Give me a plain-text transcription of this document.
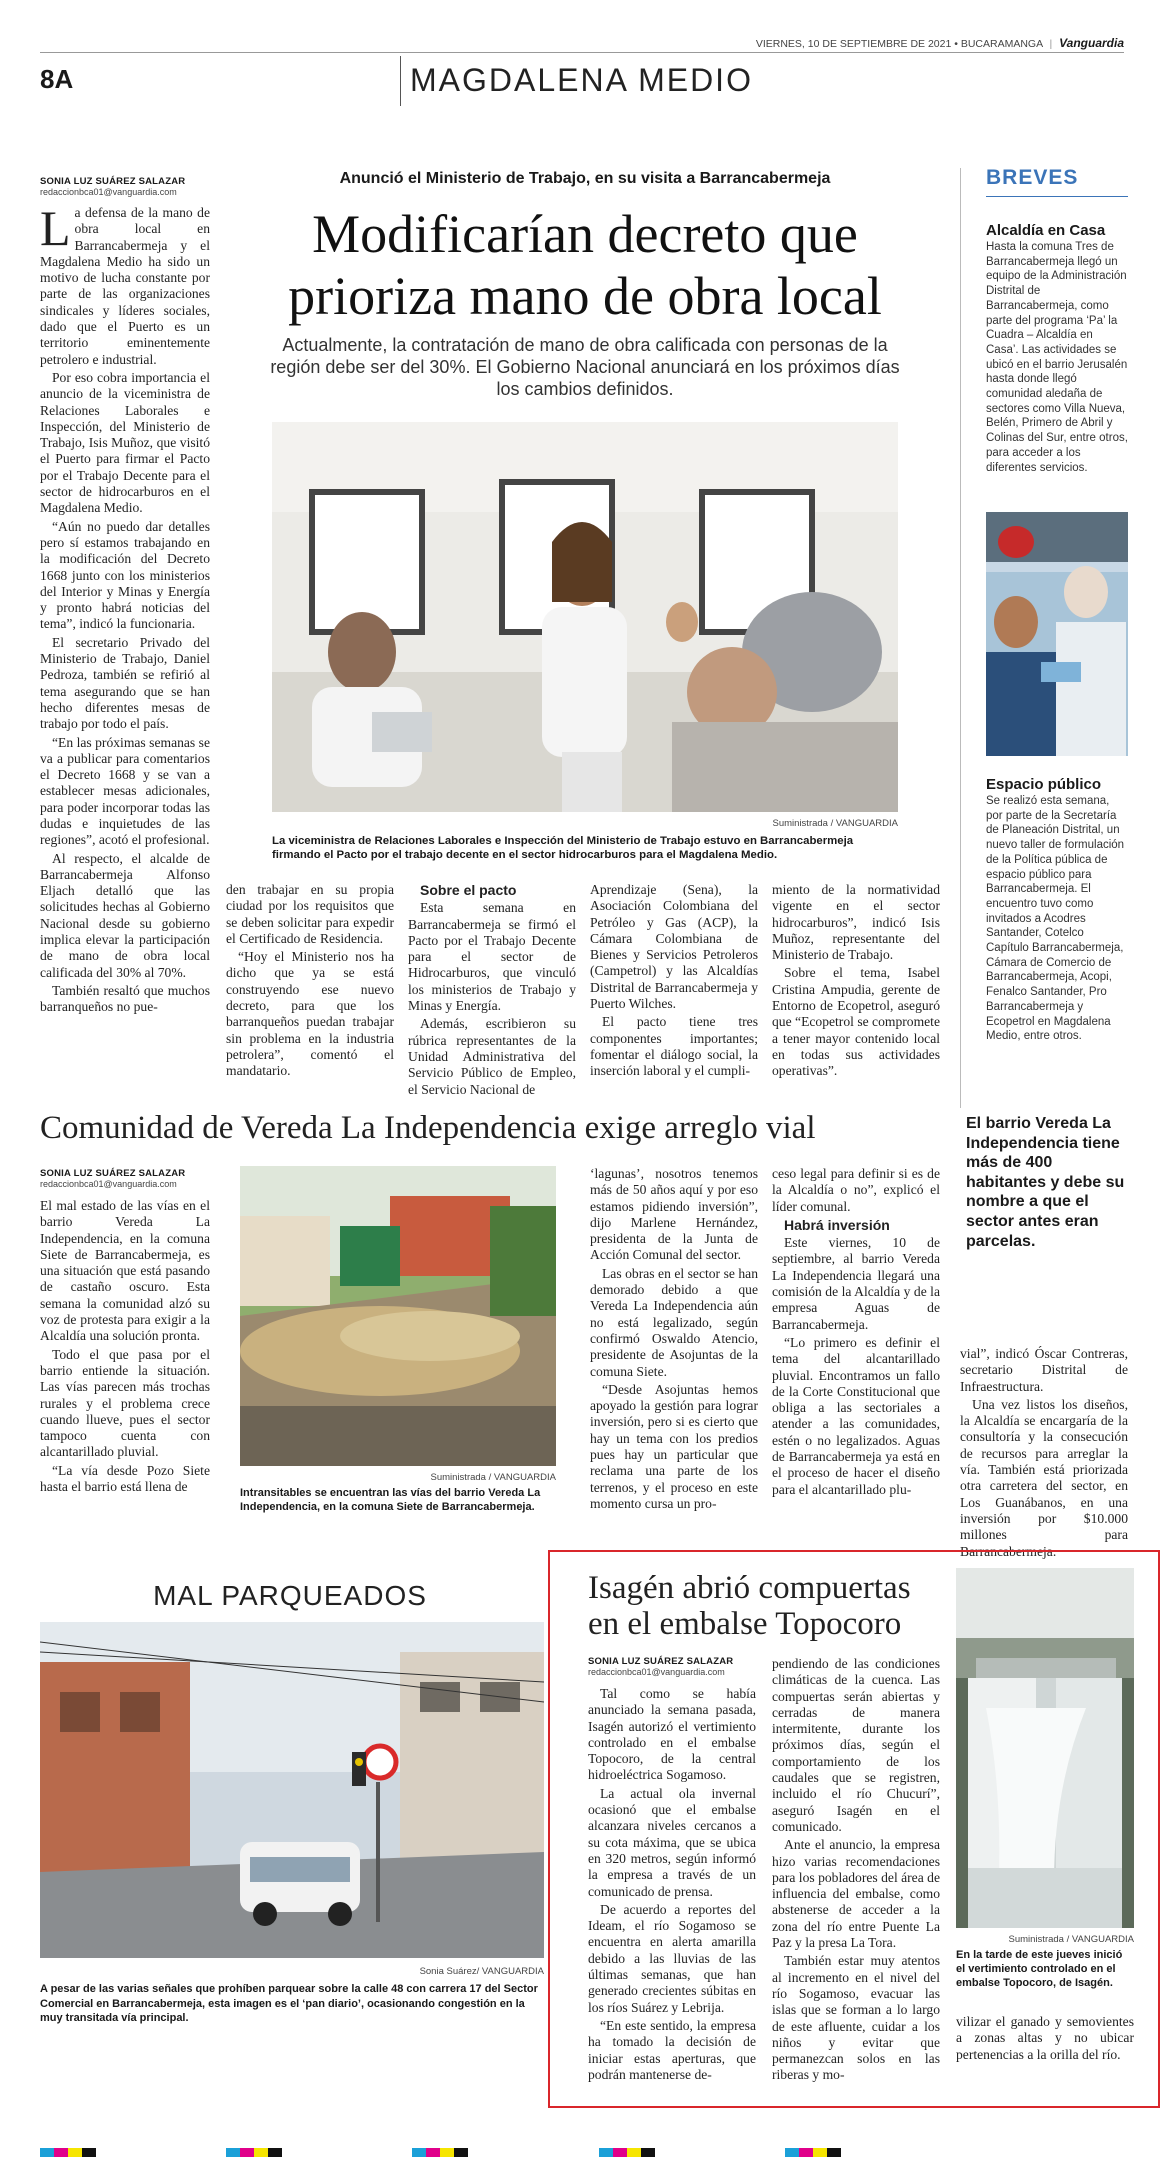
VIERNES, 10 DE SEPTIEMBRE DE 2021 • BUCARAMANGA | Vanguardia
8A	MAGDALENA MEDIO
SONIA LUZ SUÁREZ SALAZAR
redaccionbca01@vanguardia.com
Anunció el Ministerio de Trabajo, en su visita a Barrancabermeja
Modificarían decreto que
prioriza mano de obra local
Actualmente, la contratación de mano de obra calificada con personas de la región debe ser del 30%. El Gobierno Nacional anunciará en los próximos días los cambios definidos.

La defensa de la mano de obra local en Barrancabermeja y el Magdalena Medio ha sido un motivo de lucha constante por parte de las organizaciones sindicales y líderes sociales, dado que el Puerto es un territorio eminentemente petrolero e industrial.

Por eso cobra importancia el anuncio de la viceministra de Relaciones Laborales e Inspección, del Ministerio de Trabajo, Isis Muñoz, que visitó el Puerto para firmar el Pacto por el Trabajo Decente para el sector de hidrocarburos en el Magdalena Medio.

“Aún no puedo dar detalles pero sí estamos trabajando en la modificación del Decreto 1668 junto con los ministerios del Interior y Minas y Energía y pronto habrá noticias del tema”, indicó la funcionaria.

El secretario Privado del Ministerio de Trabajo, Daniel Pedroza, también se refirió al tema asegurando que se han hecho diferentes mesas de trabajo por todo el país.

“En las próximas semanas se va a publicar para comentarios el Decreto 1668 y se van a establecer mesas adicionales, para poder incorporar todas las dudas e inquietudes de las regiones”, acotó el profesional.

Al respecto, el alcalde de Barrancabermeja Alfonso Eljach detalló que las solicitudes hechas al Gobierno Nacional desde su gobierno implica elevar la participación de mano de obra local calificada del 30% al 70%.

También resaltó que muchos barranqueños no pue-

Suministrada / VANGUARDIA
La viceministra de Relaciones Laborales e Inspección del Ministerio de Trabajo estuvo en Barrancabermeja firmando el Pacto por el trabajo decente en el sector hidrocarburos para el Magdalena Medio.

den trabajar en su propia ciudad por los requisitos que se deben solicitar para expedir el Certificado de Residencia.

“Hoy el Ministerio nos ha dicho que ya se está construyendo ese nuevo decreto, para que los barranqueños puedan trabajar sin problema en la industria petrolera”, comentó el mandatario.

Sobre el pacto

Esta semana en Barrancabermeja se firmó el Pacto por el Trabajo Decente para el sector de Hidrocarburos, que vinculó los ministerios de Trabajo y Minas y Energía.

Además, escribieron su rúbrica representantes de la Unidad Administrativa del Servicio Público de Empleo, el Servicio Nacional de

Aprendizaje (Sena), la Asociación Colombiana del Petróleo y Gas (ACP), la Cámara Colombiana de Bienes y Servicios Petroleros (Campetrol) y las Alcaldías Distrital de Barrancabermeja y Puerto Wilches.

El pacto tiene tres componentes importantes; fomentar el diálogo social, la inserción laboral y el cumpli-

miento de la normatividad vigente en el sector hidrocarburos”, indicó Isis Muñoz, representante del Ministerio de Trabajo.

Sobre el tema, Isabel Cristina Ampudia, gerente de Entorno de Ecopetrol, aseguró que “Ecopetrol se compromete a tener mayor contenido local en todas sus actividades operativas”.

BREVES
Alcaldía en Casa
Hasta la comuna Tres de Barrancabermeja llegó un equipo de la Administración Distrital de Barrancabermeja, como parte del programa ‘Pa’ la Cuadra – Alcaldía en Casa’. Las actividades se ubicó en el barrio Jerusalén hasta donde llegó comunidad aledaña de sectores como Villa Nueva, Belén, Primero de Abril y Colinas del Sur, entre otros, para acceder a los diferentes servicios.
Espacio público
Se realizó esta semana, por parte de la Secretaría de Planeación Distrital, un nuevo taller de formulación de la Política pública de espacio público para Barrancabermeja. El encuentro tuvo como invitados a Acodres Santander, Cotelco Capítulo Barrancabermeja, Cámara de Comercio de Barrancabermeja, Acopi, Fenalco Santander, Pro Barrancabermeja y Ecopetrol en Magdalena Medio, entre otros.
Comunidad de Vereda La Independencia exige arreglo vial
SONIA LUZ SUÁREZ SALAZAR
redaccionbca01@vanguardia.com

El mal estado de las vías en el barrio Vereda La Independencia, en la comuna Siete de Barrancabermeja, es una situación que está pasando de castaño oscuro. Esta semana la comunidad alzó su voz de protesta para exigir a la Alcaldía una solución pronta.

Todo el que pasa por el barrio entiende la situación. Las vías parecen más trochas rurales y el problema crece cuando llueve, pues el sector tampoco cuenta con alcantarillado pluvial.

“La vía desde Pozo Siete hasta el barrio está llena de

Suministrada / VANGUARDIA
Intransitables se encuentran las vías del barrio Vereda La Independencia, en la comuna Siete de Barrancabermeja.

‘lagunas’, nosotros tenemos más de 50 años aquí y por eso estamos pidiendo inversión”, dijo Marlene Hernández, presidenta de la Junta de Acción Comunal del sector.

Las obras en el sector se han demorado debido a que Vereda La Independencia aún no está legalizado, según confirmó Oswaldo Atencio, presidente de Asojuntas de la comuna Siete.

“Desde Asojuntas hemos apoyado la gestión para lograr inversión, pero si es cierto que hay un tema con los predios pues hay un particular que reclama una parte de los terrenos, y el proceso en este momento cursa un pro-

ceso legal para definir si es de la Alcaldía o no”, explicó el líder comunal.

Habrá inversión

Este viernes, 10 de septiembre, al barrio Vereda La Independencia llegará una comisión de la Alcaldía y de la empresa Aguas de Barrancabermeja.

“Lo primero es definir el tema del alcantarillado pluvial. Encontramos un fallo de la Corte Constitucional que obliga a las sectoriales a atender a las comunidades, estén o no legalizados. Aguas de Barrancabermeja ya está en el proceso de hacer el diseño para el alcantarillado plu-

El barrio Vereda La Independencia tiene más de 400 habitantes y debe su nombre a que el sector antes eran parcelas.

vial”, indicó Óscar Contreras, secretario Distrital de Infraestructura.

Una vez listos los diseños, la Alcaldía se encargaría de la consultoría y la consecución de recursos para arreglar la vía. También está priorizada otra carretera del sector, en Los Guanábanos, en una inversión por $10.000 millones para Barrancabermeja.

MAL PARQUEADOS
Sonia Suárez/ VANGUARDIA
A pesar de las varias señales que prohíben parquear sobre la calle 48 con carrera 17 del Sector Comercial en Barrancabermeja, esta imagen es el ‘pan diario’, ocasionando congestión en la muy transitada vía principal.
Isagén abrió compuertas
en el embalse Topocoro
SONIA LUZ SUÁREZ SALAZAR
redaccionbca01@vanguardia.com

Tal como se había anunciado la semana pasada, Isagén autorizó el vertimiento controlado en el embalse Topocoro, de la central hidroeléctrica Sogamoso.

La actual ola invernal ocasionó que el embalse alcanzara niveles cercanos a su cota máxima, que se ubica en 320 metros, según informó la empresa a través de un comunicado de prensa.

De acuerdo a reportes del Ideam, el río Sogamoso se encuentra en alerta amarilla debido a las lluvias de las últimas semanas, que han generado crecientes súbitas en los ríos Suárez y Lebrija.

“En este sentido, la empresa ha tomado la decisión de iniciar estas aperturas, que podrán mantenerse de-

pendiendo de las condiciones climáticas de la cuenca. Las compuertas serán abiertas y cerradas de manera intermitente, durante los próximos días, según el comportamiento de los caudales que se registren, incluido el río Chucurí”, aseguró Isagén en el comunicado.

Ante el anuncio, la empresa hizo varias recomendaciones para los pobladores del área de influencia del embalse, como abstenerse de acceder a la zona del río entre Puente La Paz y la presa La Tora.

También estar muy atentos al incremento en el nivel del río Sogamoso, evacuar las islas que se forman a lo largo de este afluente, cuidar a los niños y evitar que permanezcan solos en las riberas y mo-

Suministrada / VANGUARDIA
En la tarde de este jueves inició el vertimiento controlado en el embalse Topocoro, de Isagén.

vilizar el ganado y semovientes a zonas altas y no ubicar pertenencias a la orilla del río.
